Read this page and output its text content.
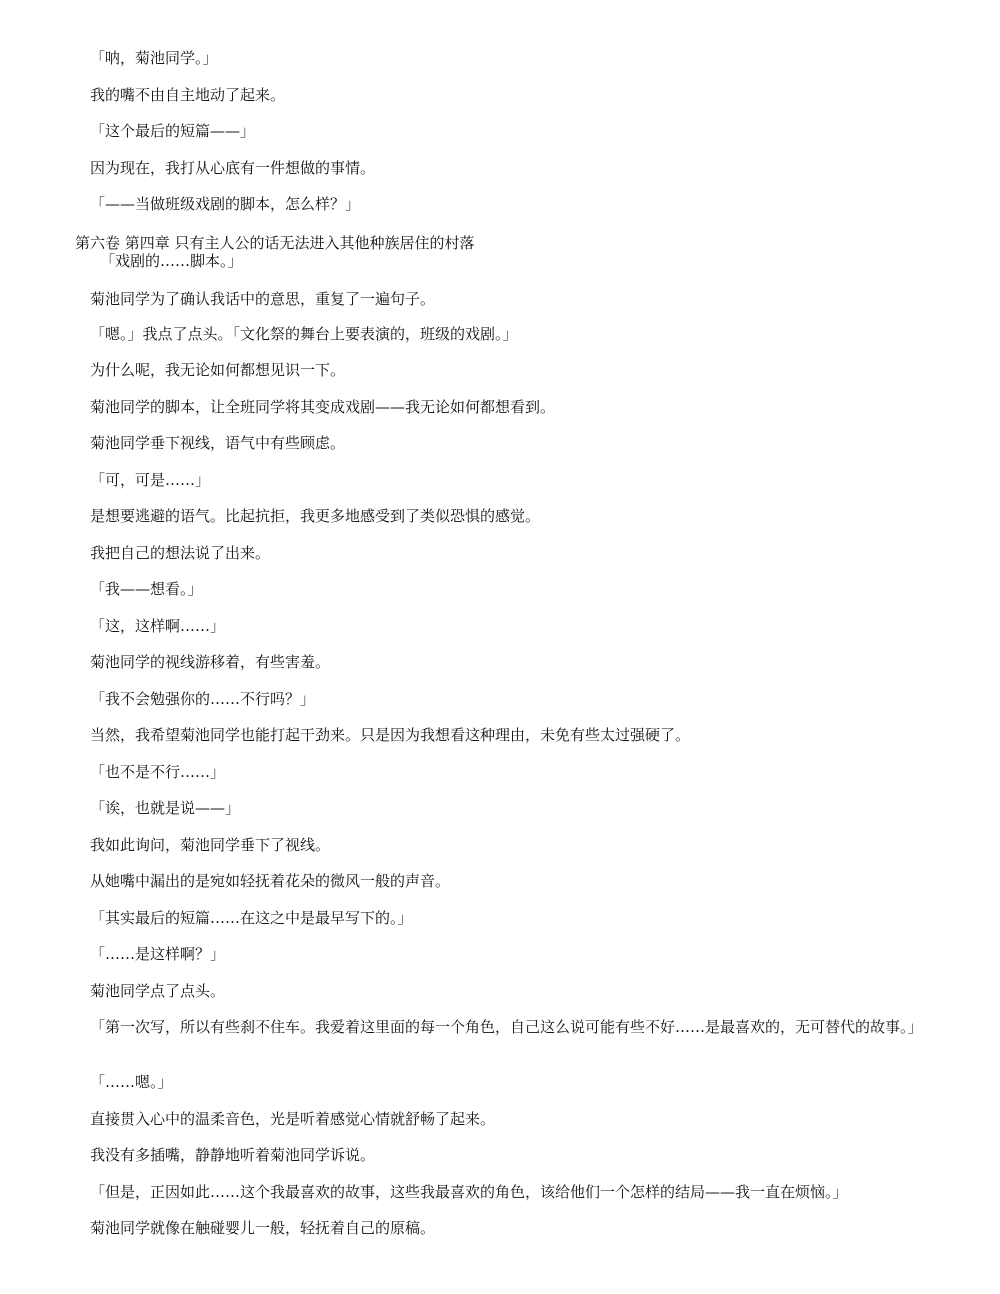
「呐，菊池同学。」

我的嘴不由自主地动了起来。

「这个最后的短篇——」

因为现在，我打从心底有一件想做的事情。

「——当做班级戏剧的脚本，怎么样？」

第六卷 第四章 只有主人公的话无法进入其他种族居住的村落

「戏剧的……脚本。」

菊池同学为了确认我话中的意思，重复了一遍句子。

「嗯。」我点了点头。「文化祭的舞台上要表演的，班级的戏剧。」

为什么呢，我无论如何都想见识一下。

菊池同学的脚本，让全班同学将其变成戏剧——我无论如何都想看到。

菊池同学垂下视线，语气中有些顾虑。

「可，可是……」

是想要逃避的语气。比起抗拒，我更多地感受到了类似恐惧的感觉。

我把自己的想法说了出来。

「我——想看。」

「这，这样啊……」

菊池同学的视线游移着，有些害羞。

「我不会勉强你的……不行吗？」

当然，我希望菊池同学也能打起干劲来。只是因为我想看这种理由，未免有些太过强硬了。

「也不是不行……」

「诶，也就是说——」

我如此询问，菊池同学垂下了视线。

从她嘴中漏出的是宛如轻抚着花朵的微风一般的声音。

「其实最后的短篇……在这之中是最早写下的。」

「……是这样啊？」

菊池同学点了点头。

「第一次写，所以有些刹不住车。我爱着这里面的每一个角色，自己这么说可能有些不好……是最喜欢的，无可替代的故事。」

「……嗯。」

直接贯入心中的温柔音色，光是听着感觉心情就舒畅了起来。

我没有多插嘴，静静地听着菊池同学诉说。

「但是，正因如此……这个我最喜欢的故事，这些我最喜欢的角色，该给他们一个怎样的结局——我一直在烦恼。」

菊池同学就像在触碰婴儿一般，轻抚着自己的原稿。
